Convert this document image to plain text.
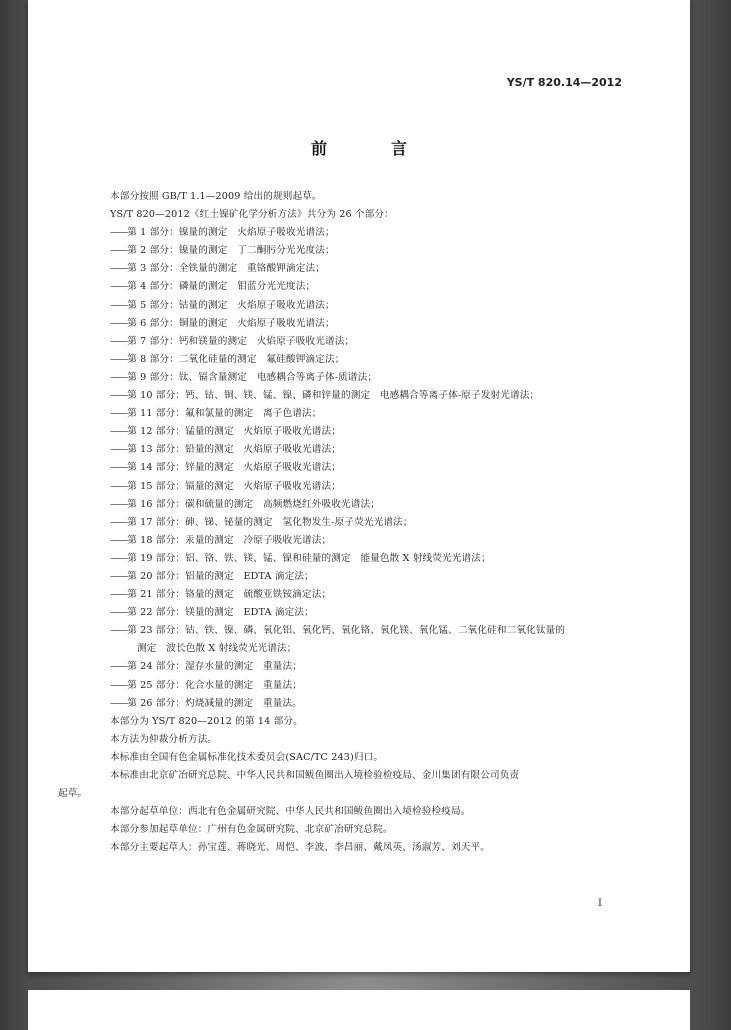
YS/T 820.14—2012
前　言
本部分按照 GB/T 1.1—2009 给出的规则起草。
YS/T 820—2012《红土镍矿化学分析方法》共分为 26 个部分：
——第 1 部分：镍量的测定　火焰原子吸收光谱法；
——第 2 部分：镍量的测定　丁二酮肟分光光度法；
——第 3 部分：全铁量的测定　重铬酸钾滴定法；
——第 4 部分：磷量的测定　钼蓝分光光度法；
——第 5 部分：钴量的测定　火焰原子吸收光谱法；
——第 6 部分：铜量的测定　火焰原子吸收光谱法；
——第 7 部分：钙和镁量的测定　火焰原子吸收光谱法；
——第 8 部分：二氧化硅量的测定　氟硅酸钾滴定法；
——第 9 部分：钛、镉含量测定　电感耦合等离子体-质谱法；
——第 10 部分：钙、钴、铜、镁、锰、镍、磷和锌量的测定　电感耦合等离子体-原子发射光谱法；
——第 11 部分：氟和氯量的测定　离子色谱法；
——第 12 部分：锰量的测定　火焰原子吸收光谱法；
——第 13 部分：铅量的测定　火焰原子吸收光谱法；
——第 14 部分：锌量的测定　火焰原子吸收光谱法；
——第 15 部分：镉量的测定　火焰原子吸收光谱法；
——第 16 部分：碳和硫量的测定　高频燃烧红外吸收光谱法；
——第 17 部分：砷、锑、铋量的测定　氢化物发生-原子荧光光谱法；
——第 18 部分：汞量的测定　冷原子吸收光谱法；
——第 19 部分：铝、铬、铁、镁、锰、镍和硅量的测定　能量色散 X 射线荧光光谱法；
——第 20 部分：铝量的测定　EDTA 滴定法；
——第 21 部分：铬量的测定　硫酸亚铁铵滴定法；
——第 22 部分：镁量的测定　EDTA 滴定法；
——第 23 部分：钴、铁、镍、磷、氧化铝、氧化钙、氧化铬、氧化镁、氧化锰、二氧化硅和二氧化钛量的
测定　波长色散 X 射线荧光光谱法；
——第 24 部分：湿存水量的测定　重量法；
——第 25 部分：化合水量的测定　重量法；
——第 26 部分：灼烧减量的测定　重量法。
本部分为 YS/T 820—2012 的第 14 部分。
本方法为仲裁分析方法。
本标准由全国有色金属标准化技术委员会(SAC/TC 243)归口。
本标准由北京矿冶研究总院、中华人民共和国鲅鱼圈出入境检验检疫局、金川集团有限公司负责
起草。
本部分起草单位：西北有色金属研究院、中华人民共和国鲅鱼圈出入境检验检疫局。
本部分参加起草单位：广州有色金属研究院、北京矿冶研究总院。
本部分主要起草人：孙宝莲、蒋晓光、周恺、李波、李昌丽、戴凤英、汤淑芳、刘天平。
I
